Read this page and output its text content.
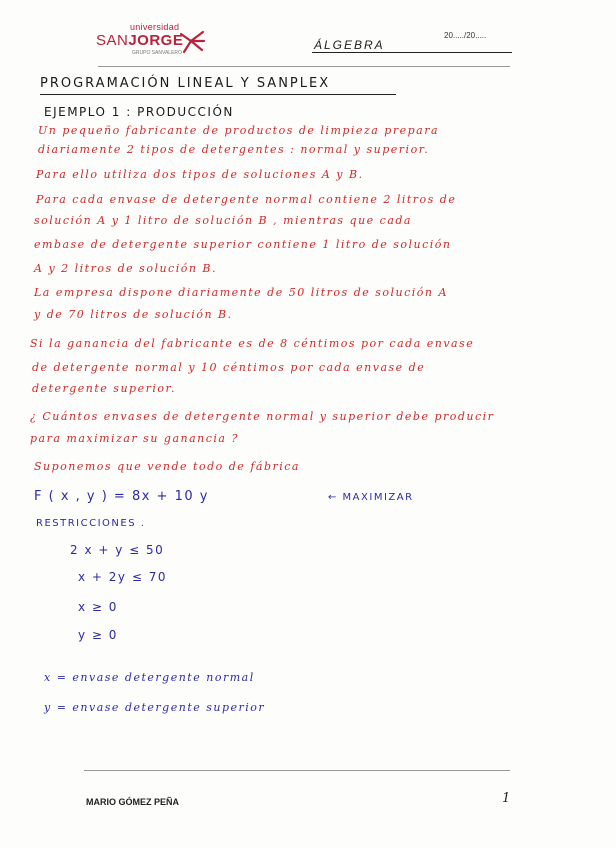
universidad
SANJORGE
GRUPO SANVALERO
20...../20.....
ÁLGEBRA
PROGRAMACIÓN LINEAL Y SANPLEX
EJEMPLO 1 : PRODUCCIÓN
Un pequeño fabricante de productos de limpieza prepara
diariamente 2 tipos de detergentes : normal y superior.
Para ello utiliza dos tipos de soluciones A y B.
Para cada envase de detergente normal contiene 2 litros de
solución A y 1 litro de solución B , mientras que cada
embase de detergente superior contiene 1 litro de solución
A y 2 litros de solución B.
La empresa dispone diariamente de 50 litros de solución A
y de 70 litros de solución B.
Si la ganancia del fabricante es de 8 céntimos por cada envase
de detergente normal y 10 céntimos por cada envase de
detergente superior.
¿ Cuántos envases de detergente normal y superior debe producir
para maximizar su ganancia ?
Suponemos que vende todo de fábrica
F ( x , y ) = 8x + 10 y	← MAXIMIZAR
RESTRICCIONES .
2 x + y ≤ 50
x + 2y ≤ 70
x ≥ 0
y ≥ 0
x = envase detergente normal
y = envase detergente superior
MARIO GÓMEZ PEÑA	1
